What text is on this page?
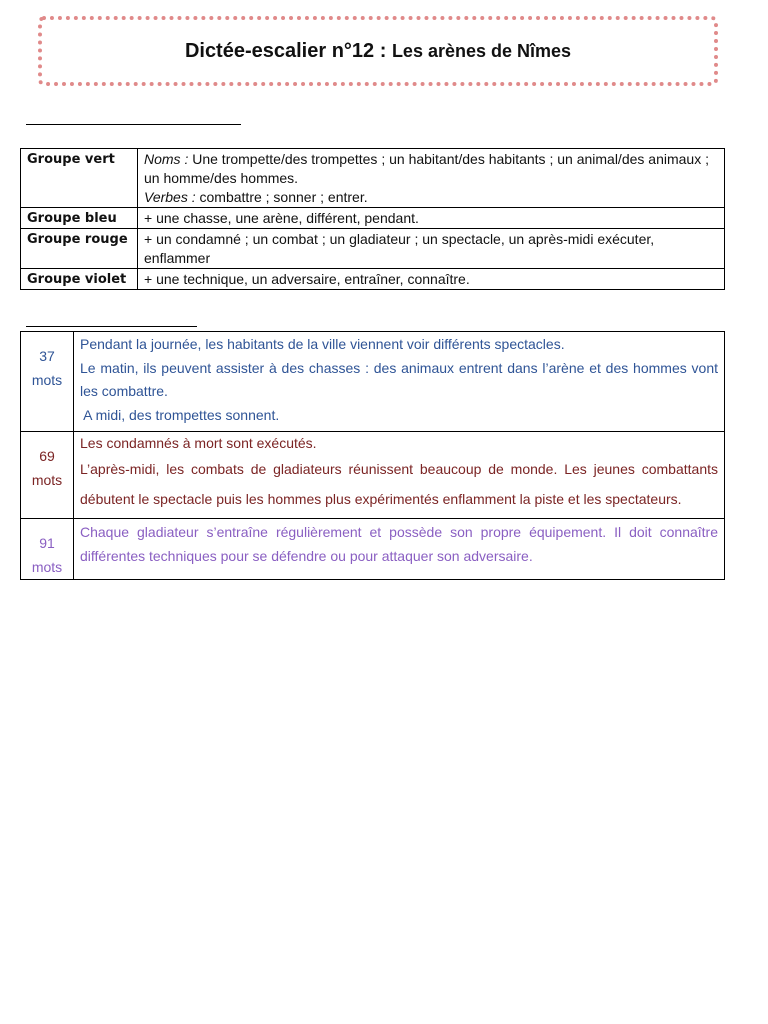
Dictée-escalier n°12 : Les arènes de Nîmes
Groupe vert	Noms : Une trompette/des trompettes ; un habitant/des habitants ; un animal/des animaux ; un homme/des hommes.
Verbes : combattre ; sonner ; entrer.
Groupe bleu	+ une chasse, une arène, différent, pendant.
Groupe rouge	+ un condamné ; un combat ; un gladiateur ; un spectacle, un après-midi exécuter, enflammer
Groupe violet	+ une technique, un adversaire, entraîner, connaître.
37
mots	Pendant la journée, les habitants de la ville viennent voir différents spectacles.
Le matin, ils peuvent assister à des chasses : des animaux entrent dans l’arène et des hommes vont les combattre.
A midi, des trompettes sonnent.

69
mots	Les condamnés à mort sont exécutés.
L’après-midi, les combats de gladiateurs réunissent beaucoup de monde. Les jeunes combattants débutent le spectacle puis les hommes plus expérimentés enflamment la piste et les spectateurs.

91
mots	Chaque gladiateur s’entraîne régulièrement et possède son propre équipement. Il doit connaître différentes techniques pour se défendre ou pour attaquer son adversaire.
